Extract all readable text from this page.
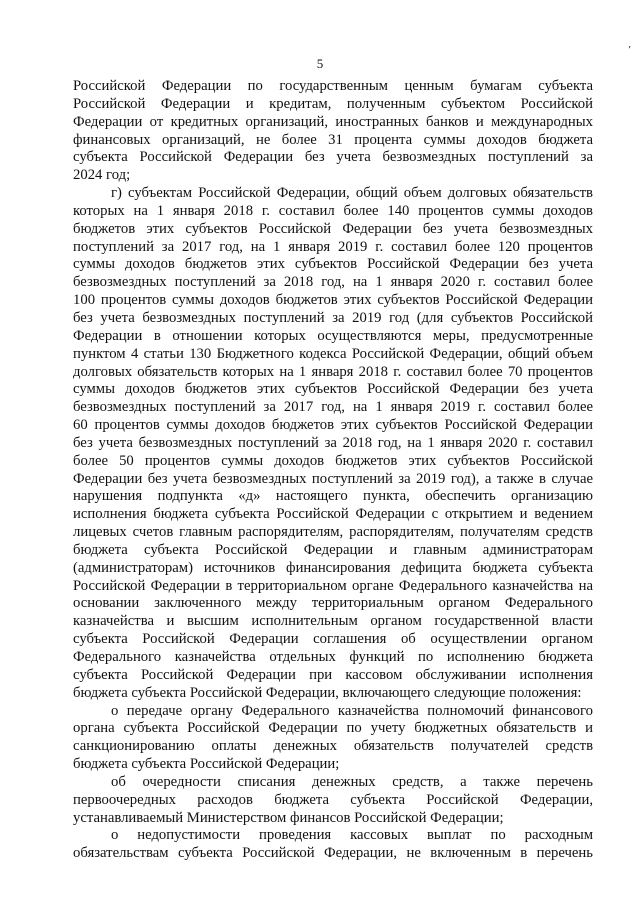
5
’
Российской Федерации по государственным ценным бумагам субъекта
Российской Федерации и кредитам, полученным субъектом Российской
Федерации от кредитных организаций, иностранных банков и международных
финансовых организаций, не более 31 процента суммы доходов бюджета
субъекта Российской Федерации без учета безвозмездных поступлений за
2024 год;
г) субъектам Российской Федерации, общий объем долговых обязательств
которых на 1 января 2018 г. составил более 140 процентов суммы доходов
бюджетов этих субъектов Российской Федерации без учета безвозмездных
поступлений за 2017 год, на 1 января 2019 г. составил более 120 процентов
суммы доходов бюджетов этих субъектов Российской Федерации без учета
безвозмездных поступлений за 2018 год, на 1 января 2020 г. составил более
100 процентов суммы доходов бюджетов этих субъектов Российской Федерации
без учета безвозмездных поступлений за 2019 год (для субъектов Российской
Федерации в отношении которых осуществляются меры, предусмотренные
пунктом 4 статьи 130 Бюджетного кодекса Российской Федерации, общий объем
долговых обязательств которых на 1 января 2018 г. составил более 70 процентов
суммы доходов бюджетов этих субъектов Российской Федерации без учета
безвозмездных поступлений за 2017 год, на 1 января 2019 г. составил более
60 процентов суммы доходов бюджетов этих субъектов Российской Федерации
без учета безвозмездных поступлений за 2018 год, на 1 января 2020 г. составил
более 50 процентов суммы доходов бюджетов этих субъектов Российской
Федерации без учета безвозмездных поступлений за 2019 год), а также в случае
нарушения подпункта «д» настоящего пункта, обеспечить организацию
исполнения бюджета субъекта Российской Федерации с открытием и ведением
лицевых счетов главным распорядителям, распорядителям, получателям средств
бюджета субъекта Российской Федерации и главным администраторам
(администраторам) источников финансирования дефицита бюджета субъекта
Российской Федерации в территориальном органе Федерального казначейства на
основании заключенного между территориальным органом Федерального
казначейства и высшим исполнительным органом государственной власти
субъекта Российской Федерации соглашения об осуществлении органом
Федерального казначейства отдельных функций по исполнению бюджета
субъекта Российской Федерации при кассовом обслуживании исполнения
бюджета субъекта Российской Федерации, включающего следующие положения:
о передаче органу Федерального казначейства полномочий финансового
органа субъекта Российской Федерации по учету бюджетных обязательств и
санкционированию оплаты денежных обязательств получателей средств
бюджета субъекта Российской Федерации;
об очередности списания денежных средств, а также перечень
первоочередных расходов бюджета субъекта Российской Федерации,
устанавливаемый Министерством финансов Российской Федерации;
о недопустимости проведения кассовых выплат по расходным
обязательствам субъекта Российской Федерации, не включенным в перечень
